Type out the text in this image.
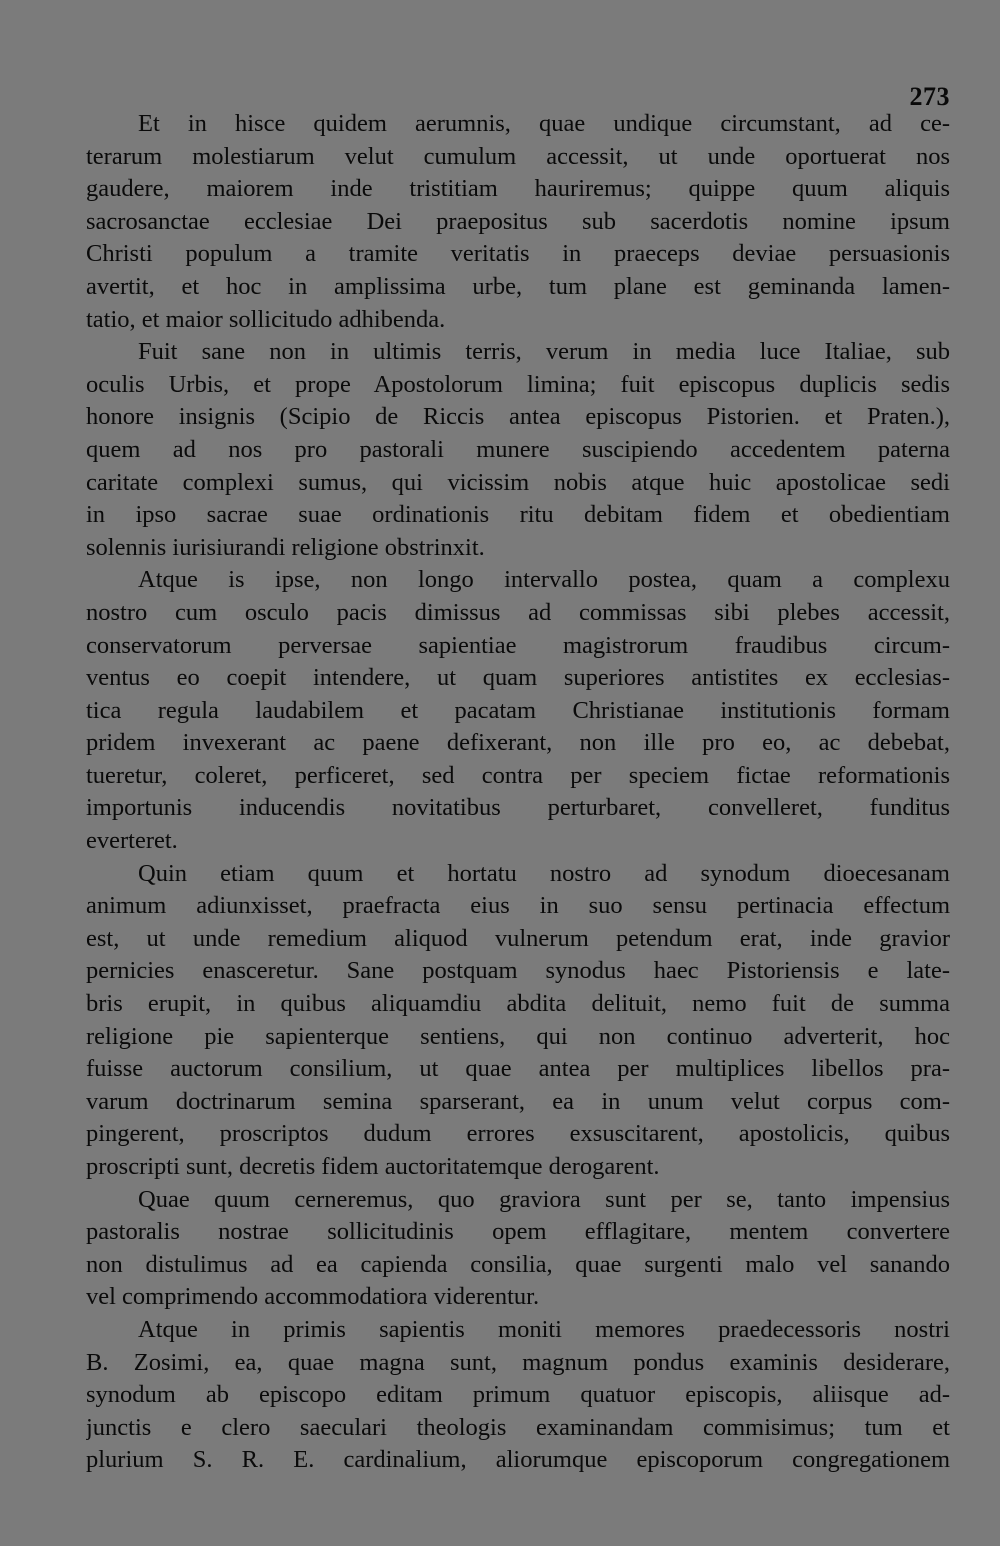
273
Et in hisce quidem aerumnis, quae undique circumstant, ad ce-
terarum molestiarum velut cumulum accessit, ut unde oportuerat nos
gaudere, maiorem inde tristitiam hauriremus; quippe quum aliquis
sacrosanctae ecclesiae Dei praepositus sub sacerdotis nomine ipsum
Christi populum a tramite veritatis in praeceps deviae persuasionis
avertit, et hoc in amplissima urbe, tum plane est geminanda lamen-
tatio, et maior sollicitudo adhibenda.
Fuit sane non in ultimis terris, verum in media luce Italiae, sub
oculis Urbis, et prope Apostolorum limina; fuit episcopus duplicis sedis
honore insignis (Scipio de Riccis antea episcopus Pistorien. et Praten.),
quem ad nos pro pastorali munere suscipiendo accedentem paterna
caritate complexi sumus, qui vicissim nobis atque huic apostolicae sedi
in ipso sacrae suae ordinationis ritu debitam fidem et obedientiam
solennis iurisiurandi religione obstrinxit.
Atque is ipse, non longo intervallo postea, quam a complexu
nostro cum osculo pacis dimissus ad commissas sibi plebes accessit,
conservatorum perversae sapientiae magistrorum fraudibus circum-
ventus eo coepit intendere, ut quam superiores antistites ex ecclesias-
tica regula laudabilem et pacatam Christianae institutionis formam
pridem invexerant ac paene defixerant, non ille pro eo, ac debebat,
tueretur, coleret, perficeret, sed contra per speciem fictae reformationis
importunis inducendis novitatibus perturbaret, convelleret, funditus
everteret.
Quin etiam quum et hortatu nostro ad synodum dioecesanam
animum adiunxisset, praefracta eius in suo sensu pertinacia effectum
est, ut unde remedium aliquod vulnerum petendum erat, inde gravior
pernicies enasceretur. Sane postquam synodus haec Pistoriensis e late-
bris erupit, in quibus aliquamdiu abdita delituit, nemo fuit de summa
religione pie sapienterque sentiens, qui non continuo adverterit, hoc
fuisse auctorum consilium, ut quae antea per multiplices libellos pra-
varum doctrinarum semina sparserant, ea in unum velut corpus com-
pingerent, proscriptos dudum errores exsuscitarent, apostolicis, quibus
proscripti sunt, decretis fidem auctoritatemque derogarent.
Quae quum cerneremus, quo graviora sunt per se, tanto impensius
pastoralis nostrae sollicitudinis opem efflagitare, mentem convertere
non distulimus ad ea capienda consilia, quae surgenti malo vel sanando
vel comprimendo accommodatiora viderentur.
Atque in primis sapientis moniti memores praedecessoris nostri
B. Zosimi, ea, quae magna sunt, magnum pondus examinis desiderare,
synodum ab episcopo editam primum quatuor episcopis, aliisque ad-
junctis e clero saeculari theologis examinandam commisimus; tum et
plurium S. R. E. cardinalium, aliorumque episcoporum congregationem
